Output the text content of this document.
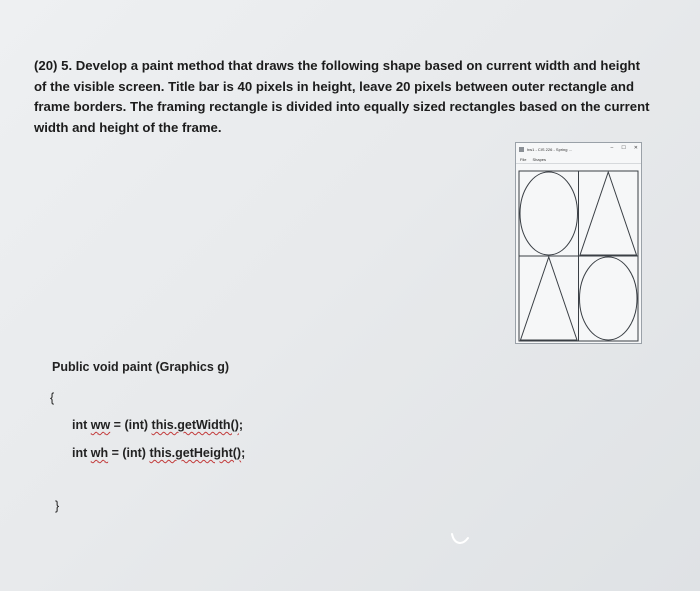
(20) 5. Develop a paint method that draws the following shape based on current width and height of the visible screen. Title bar is 40 pixels in height, leave 20 pixels between outer rectangle and frame borders. The framing rectangle is divided into equally sized rectangles based on the current width and height of the frame.

hw1 - CIS 226 - Spring ...	– ☐ ✕
File Shapes
Public void paint (Graphics g)
{
int ww = (int) this.getWidth();
int wh = (int) this.getHeight();
}
